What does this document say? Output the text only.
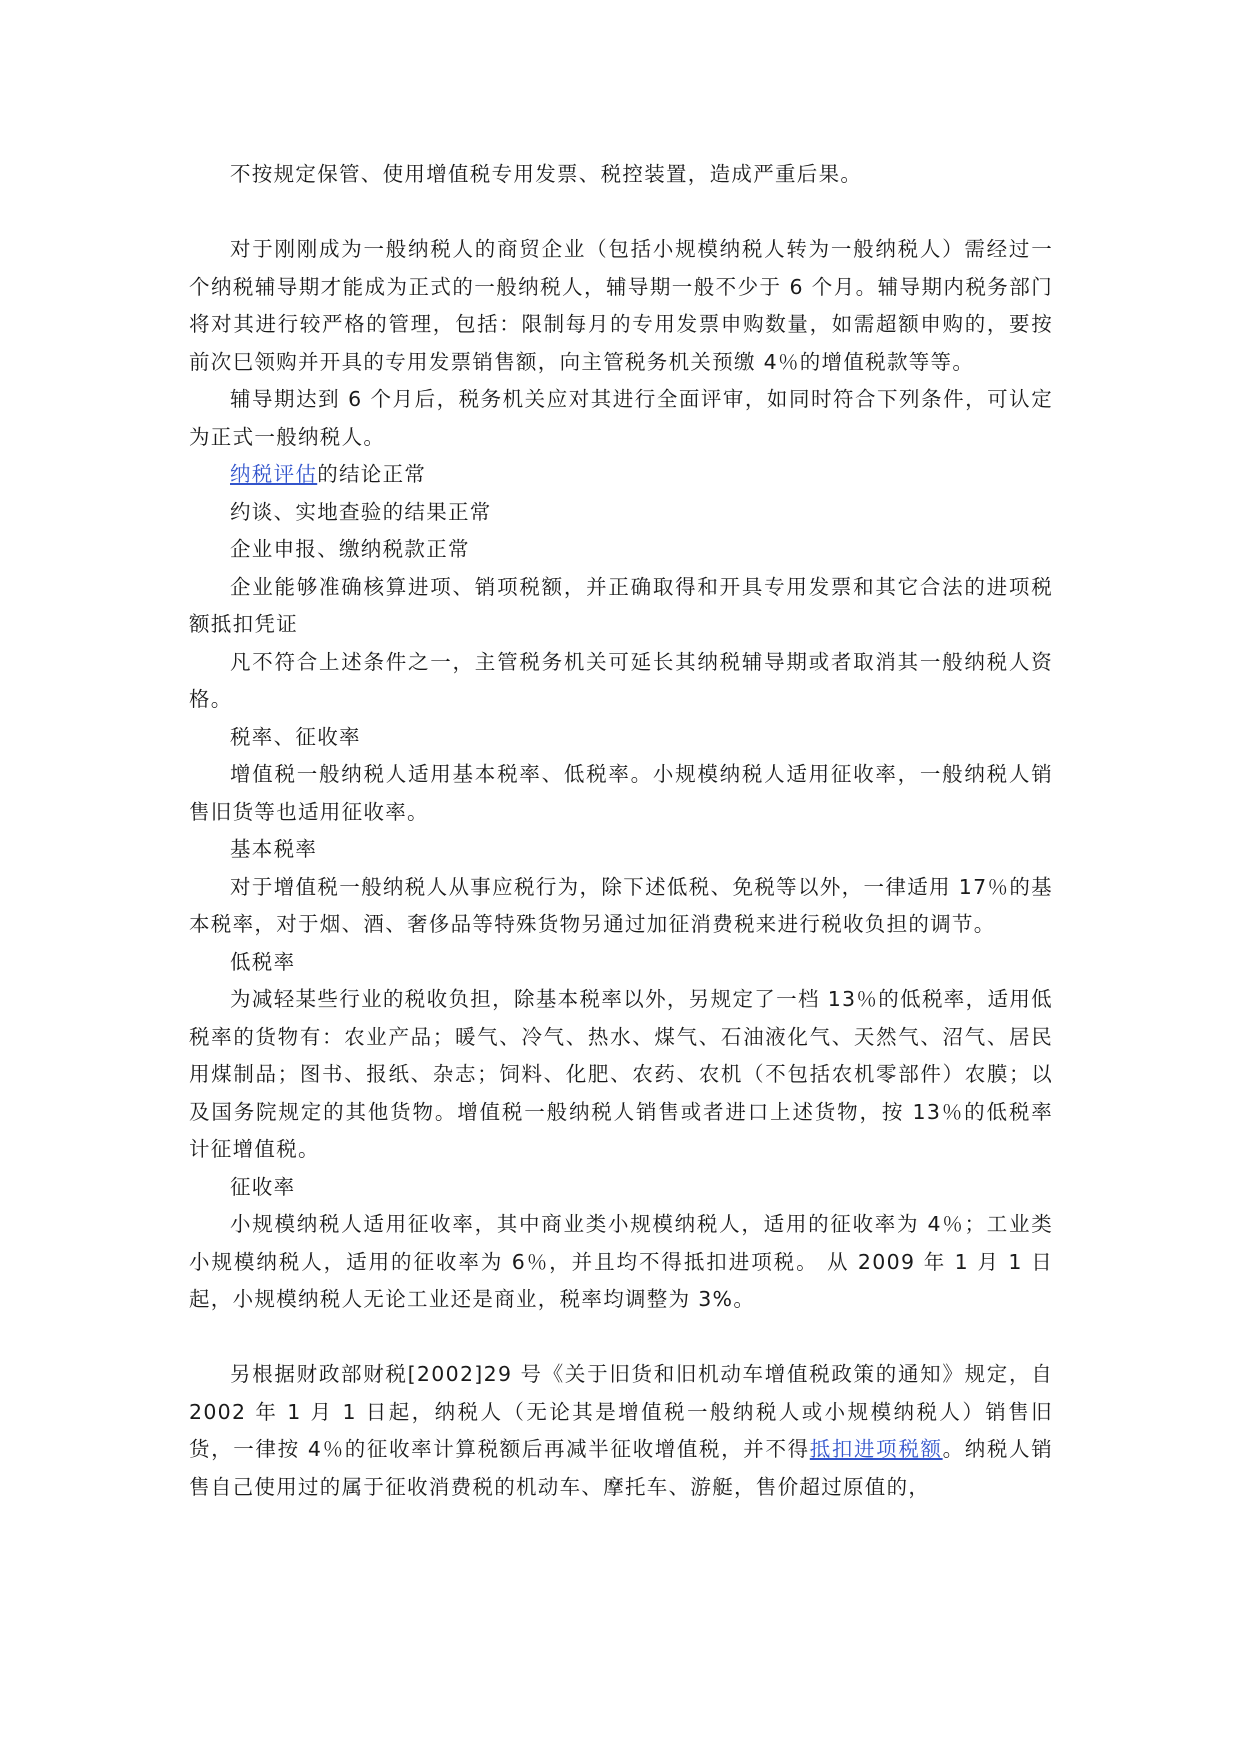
不按规定保管、使用增值税专用发票、税控装置，造成严重后果。

对于刚刚成为一般纳税人的商贸企业（包括小规模纳税人转为一般纳税人）需经过一个纳税辅导期才能成为正式的一般纳税人，辅导期一般不少于 6 个月。辅导期内税务部门将对其进行较严格的管理，包括：限制每月的专用发票申购数量，如需超额申购的，要按前次巳领购并开具的专用发票销售额，向主管税务机关预缴 4％的增值税款等等。

辅导期达到 6 个月后，税务机关应对其进行全面评审，如同时符合下列条件，可认定为正式一般纳税人。

纳税评估的结论正常

约谈、实地查验的结果正常

企业申报、缴纳税款正常

企业能够准确核算进项、销项税额，并正确取得和开具专用发票和其它合法的进项税额抵扣凭证

凡不符合上述条件之一，主管税务机关可延长其纳税辅导期或者取消其一般纳税人资格。

税率、征收率

增值税一般纳税人适用基本税率、低税率。小规模纳税人适用征收率，一般纳税人销售旧货等也适用征收率。

基本税率

对于增值税一般纳税人从事应税行为，除下述低税、免税等以外，一律适用 17％的基本税率，对于烟、酒、奢侈品等特殊货物另通过加征消费税来进行税收负担的调节。

低税率

为减轻某些行业的税收负担，除基本税率以外，另规定了一档 13％的低税率，适用低税率的货物有：农业产品；暖气、冷气、热水、煤气、石油液化气、天然气、沼气、居民用煤制品；图书、报纸、杂志；饲料、化肥、农药、农机（不包括农机零部件）农膜；以及国务院规定的其他货物。增值税一般纳税人销售或者进口上述货物，按 13％的低税率计征增值税。

征收率

小规模纳税人适用征收率，其中商业类小规模纳税人，适用的征收率为 4％；工业类小规模纳税人，适用的征收率为 6％，并且均不得抵扣进项税。 从 2009 年 1 月 1 日起，小规模纳税人无论工业还是商业，税率均调整为 3%。

另根据财政部财税[2002]29 号《关于旧货和旧机动车增值税政策的通知》规定，自 2002 年 1 月 1 日起，纳税人（无论其是增值税一般纳税人或小规模纳税人）销售旧货，一律按 4％的征收率计算税额后再减半征收增值税，并不得抵扣进项税额。纳税人销售自己使用过的属于征收消费税的机动车、摩托车、游艇，售价超过原值的，
